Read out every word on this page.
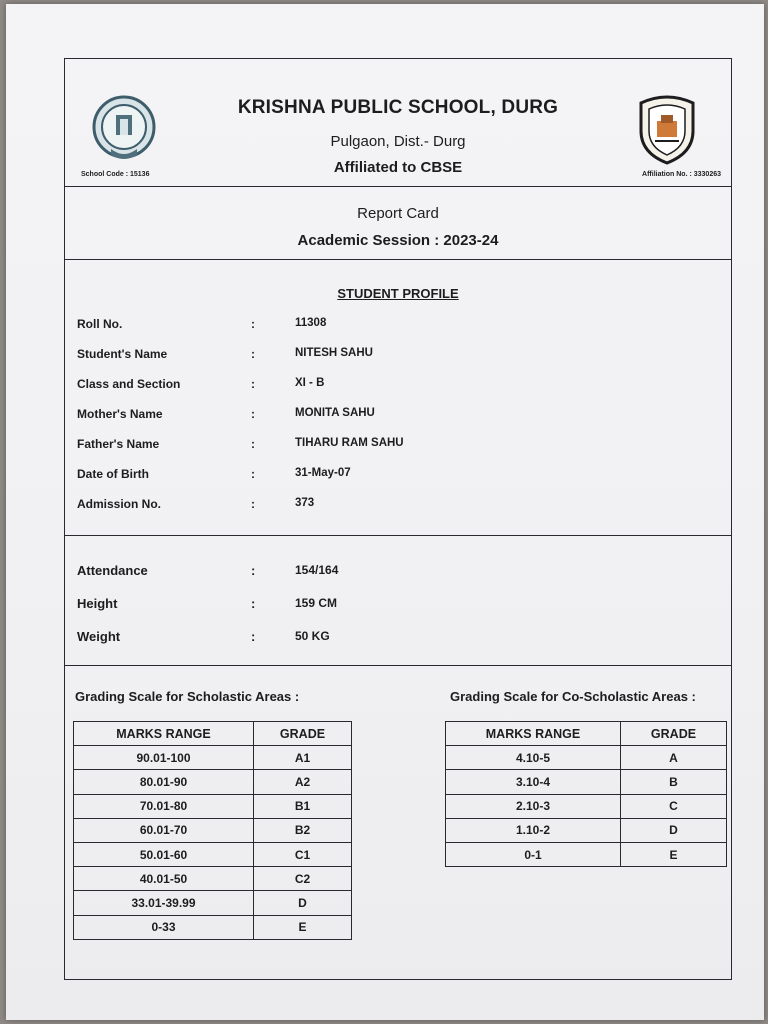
KRISHNA PUBLIC SCHOOL, DURG
Pulgaon, Dist.- Durg
Affiliated to CBSE
School Code : 15136	Affiliation No. : 3330263
Report Card
Academic Session : 2023-24
STUDENT PROFILE
Roll No.	:	11308
Student's Name	:	NITESH SAHU
Class and Section	:	XI - B
Mother's Name	:	MONITA SAHU
Father's Name	:	TIHARU RAM SAHU
Date of Birth	:	31-May-07
Admission No.	:	373
Attendance	:	154/164
Height	:	159 CM
Weight	:	50 KG
Grading Scale for Scholastic Areas :	Grading Scale for Co-Scholastic Areas :
MARKS RANGE	GRADE
90.01-100	A1
80.01-90	A2
70.01-80	B1
60.01-70	B2
50.01-60	C1
40.01-50	C2
33.01-39.99	D
0-33	E
MARKS RANGE	GRADE
4.10-5	A
3.10-4	B
2.10-3	C
1.10-2	D
0-1	E
